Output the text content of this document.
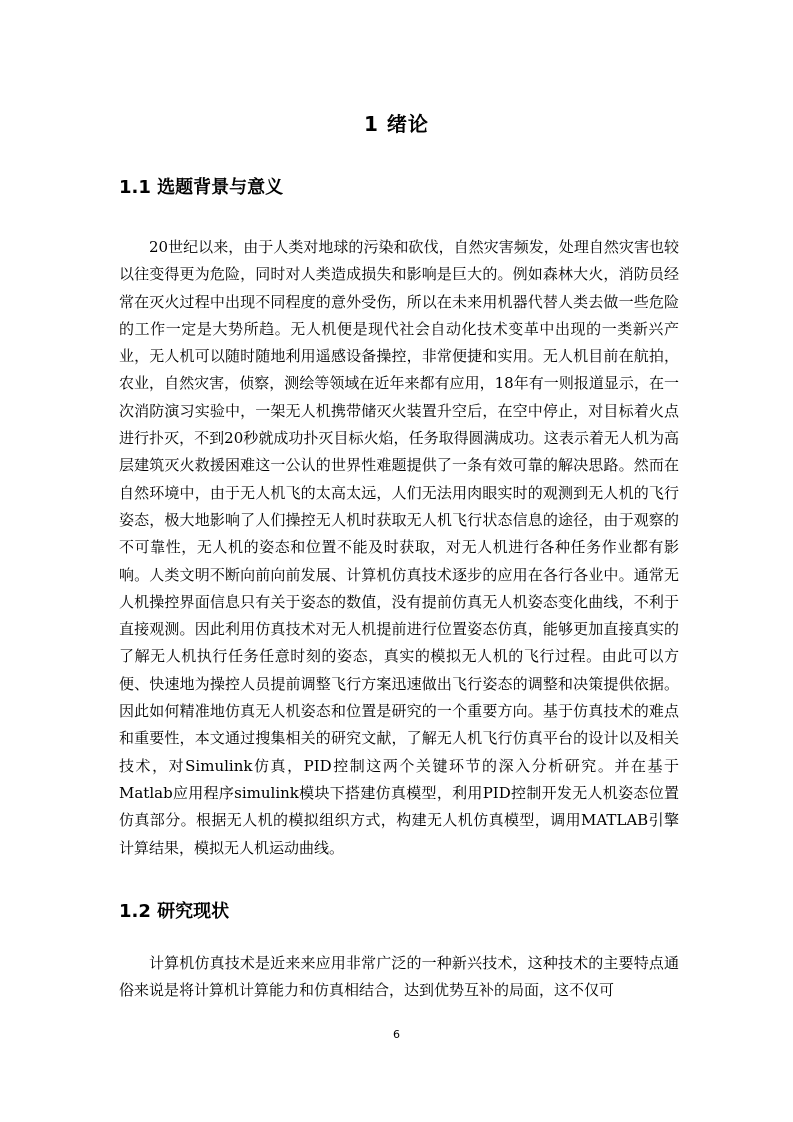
1 绪论
1.1 选题背景与意义

20世纪以来，由于人类对地球的污染和砍伐，自然灾害频发，处理自然灾害也较以往变得更为危险，同时对人类造成损失和影响是巨大的。例如森林大火，消防员经常在灭火过程中出现不同程度的意外受伤，所以在未来用机器代替人类去做一些危险的工作一定是大势所趋。无人机便是现代社会自动化技术变革中出现的一类新兴产业，无人机可以随时随地利用遥感设备操控，非常便捷和实用。无人机目前在航拍，农业，自然灾害，侦察，测绘等领域在近年来都有应用，18年有一则报道显示，在一次消防演习实验中，一架无人机携带储灭火装置升空后，在空中停止，对目标着火点进行扑灭，不到20秒就成功扑灭目标火焰，任务取得圆满成功。这表示着无人机为高层建筑灭火救援困难这一公认的世界性难题提供了一条有效可靠的解决思路。然而在自然环境中，由于无人机飞的太高太远，人们无法用肉眼实时的观测到无人机的飞行姿态，极大地影响了人们操控无人机时获取无人机飞行状态信息的途径，由于观察的不可靠性，无人机的姿态和位置不能及时获取，对无人机进行各种任务作业都有影响。人类文明不断向前向前发展、计算机仿真技术逐步的应用在各行各业中。通常无人机操控界面信息只有关于姿态的数值，没有提前仿真无人机姿态变化曲线，不利于直接观测。因此利用仿真技术对无人机提前进行位置姿态仿真，能够更加直接真实的了解无人机执行任务任意时刻的姿态，真实的模拟无人机的飞行过程。由此可以方便、快速地为操控人员提前调整飞行方案迅速做出飞行姿态的调整和决策提供依据。因此如何精准地仿真无人机姿态和位置是研究的一个重要方向。基于仿真技术的难点和重要性，本文通过搜集相关的研究文献，了解无人机飞行仿真平台的设计以及相关技术，对Simulink仿真，PID控制这两个关键环节的深入分析研究。并在基于Matlab应用程序simulink模块下搭建仿真模型，利用PID控制开发无人机姿态位置仿真部分。根据无人机的模拟组织方式，构建无人机仿真模型，调用MATLAB引擎计算结果，模拟无人机运动曲线。

1.2 研究现状

计算机仿真技术是近来来应用非常广泛的一种新兴技术，这种技术的主要特点通俗来说是将计算机计算能力和仿真相结合，达到优势互补的局面，这不仅可

6
